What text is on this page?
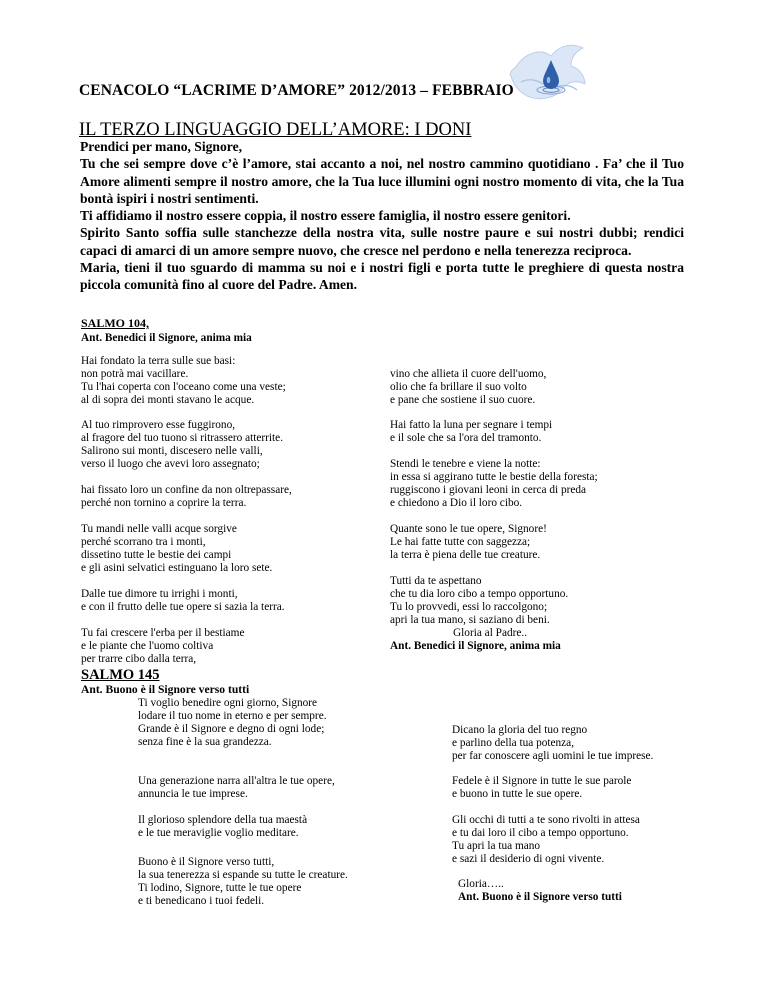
CENACOLO “LACRIME D’AMORE” 2012/2013 – FEBBRAIO
IL TERZO LINGUAGGIO DELL’AMORE: I DONI

Prendici per mano, Signore,

Tu che sei sempre dove c’è l’amore, stai accanto a noi, nel nostro cammino quotidiano . Fa’ che il Tuo Amore alimenti sempre il nostro amore, che la Tua luce illumini ogni nostro momento di vita, che la Tua bontà ispiri i nostri sentimenti.

Ti affidiamo il nostro essere coppia, il nostro essere famiglia, il nostro essere genitori.

Spirito Santo soffia sulle stanchezze della nostra vita, sulle nostre paure e sui nostri dubbi; rendici capaci di amarci di un amore sempre nuovo, che cresce nel perdono e nella tenerezza reciproca.

Maria, tieni il tuo sguardo di mamma su noi e i nostri figli e porta tutte le preghiere di questa nostra piccola comunità fino al cuore del Padre. Amen.

SALMO 104,
Ant. Benedici il Signore, anima mia

Hai fondato la terra sulle sue basi:
non potrà mai vacillare.
Tu l'hai coperta con l'oceano come una veste;
al di sopra dei monti stavano le acque.

Al tuo rimprovero esse fuggirono,
al fragore del tuo tuono si ritrassero atterrite.
Salirono sui monti, discesero nelle valli,
verso il luogo che avevi loro assegnato;

hai fissato loro un confine da non oltrepassare,
perché non tornino a coprire la terra.

Tu mandi nelle valli acque sorgive
perché scorrano tra i monti,
dissetino tutte le bestie dei campi
e gli asini selvatici estinguano la loro sete.

Dalle tue dimore tu irrighi i monti,
e con il frutto delle tue opere si sazia la terra.

Tu fai crescere l'erba per il bestiame
e le piante che l'uomo coltiva
per trarre cibo dalla terra,

vino che allieta il cuore dell'uomo,
olio che fa brillare il suo volto
e pane che sostiene il suo cuore.

Hai fatto la luna per segnare i tempi
e il sole che sa l'ora del tramonto.

Stendi le tenebre e viene la notte:
in essa si aggirano tutte le bestie della foresta;
ruggiscono i giovani leoni in cerca di preda
e chiedono a Dio il loro cibo.

Quante sono le tue opere, Signore!
Le hai fatte tutte con saggezza;
la terra è piena delle tue creature.

Tutti da te aspettano
che tu dia loro cibo a tempo opportuno.
Tu lo provvedi, essi lo raccolgono;
apri la tua mano, si saziano di beni.

Gloria al Padre..

Ant. Benedici il Signore, anima mia

SALMO 145
Ant. Buono è il Signore verso tutti

Ti voglio benedire ogni giorno, Signore
lodare il tuo nome in eterno e per sempre.
Grande è il Signore e degno di ogni lode;
senza fine è la sua grandezza.

Una generazione narra all'altra le tue opere,
annuncia le tue imprese.

Il glorioso splendore della tua maestà
e le tue meraviglie voglio meditare.

Buono è il Signore verso tutti,
la sua tenerezza si espande su tutte le creature.
Ti lodino, Signore, tutte le tue opere
e ti benedicano i tuoi fedeli.

Dicano la gloria del tuo regno
e parlino della tua potenza,
per far conoscere agli uomini le tue imprese.

Fedele è il Signore in tutte le sue parole
e buono in tutte le sue opere.

Gli occhi di tutti a te sono rivolti in attesa
e tu dai loro il cibo a tempo opportuno.
Tu apri la tua mano
e sazi il desiderio di ogni vivente.

Gloria…..

Ant. Buono è il Signore verso tutti
